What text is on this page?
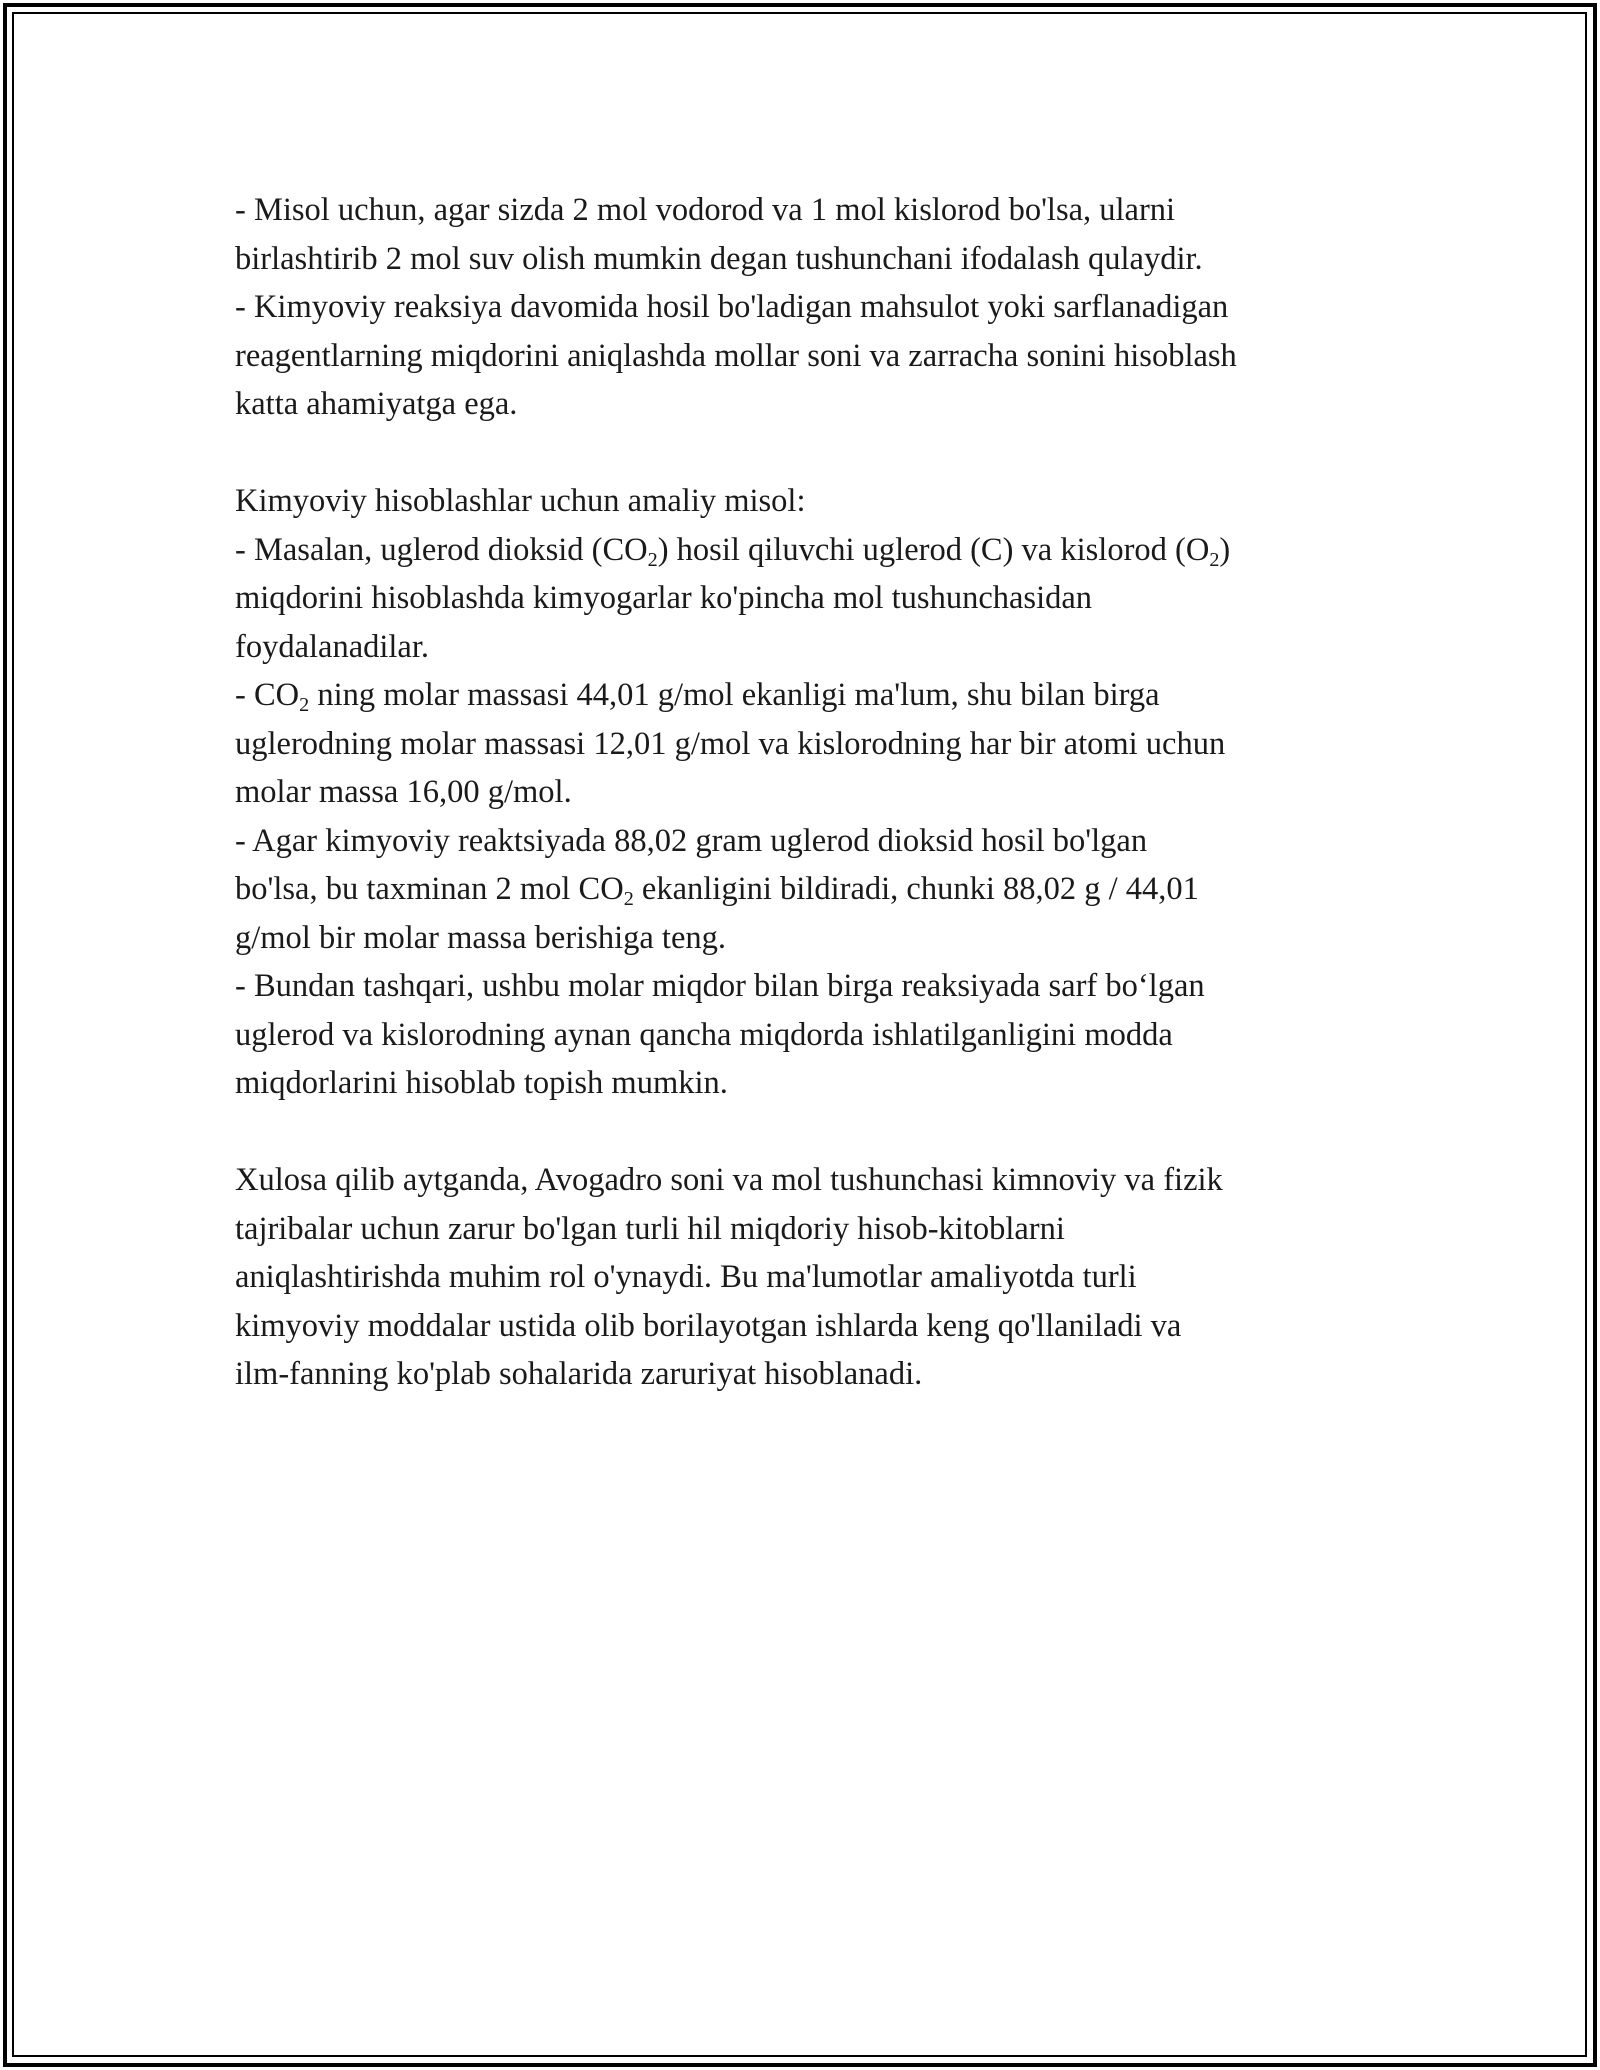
- Misol uchun, agar sizda 2 mol vodorod va 1 mol kislorod bo'lsa, ularni
birlashtirib 2 mol suv olish mumkin degan tushunchani ifodalash qulaydir.
- Kimyoviy reaksiya davomida hosil bo'ladigan mahsulot yoki sarflanadigan
reagentlarning miqdorini aniqlashda mollar soni va zarracha sonini hisoblash
katta ahamiyatga ega.
Kimyoviy hisoblashlar uchun amaliy misol:
- Masalan, uglerod dioksid $(CO_2)$ hosil qiluvchi uglerod (C) va kislorod $(O_2)$
miqdorini hisoblashda kimyogarlar ko'pincha mol tushunchasidan
foydalanadilar.
- $CO_2$ ning molar massasi 44,01 g/mol ekanligi ma'lum, shu bilan birga
uglerodning molar massasi 12,01 g/mol va kislorodning har bir atomi uchun
molar massa 16,00 g/mol.
- Agar kimyoviy reaktsiyada 88,02 gram uglerod dioksid hosil bo'lgan
bo'lsa, bu taxminan 2 mol $CO_2$ ekanligini bildiradi, chunki 88,02 g / 44,01
g/mol bir molar massa berishiga teng.
- Bundan tashqari, ushbu molar miqdor bilan birga reaksiyada sarf bo‘lgan
uglerod va kislorodning aynan qancha miqdorda ishlatilganligini modda
miqdorlarini hisoblab topish mumkin.
Xulosa qilib aytganda, Avogadro soni va mol tushunchasi kimnoviy va fizik
tajribalar uchun zarur bo'lgan turli hil miqdoriy hisob-kitoblarni
aniqlashtirishda muhim rol o'ynaydi. Bu ma'lumotlar amaliyotda turli
kimyoviy moddalar ustida olib borilayotgan ishlarda keng qo'llaniladi va
ilm-fanning ko'plab sohalarida zaruriyat hisoblanadi.
